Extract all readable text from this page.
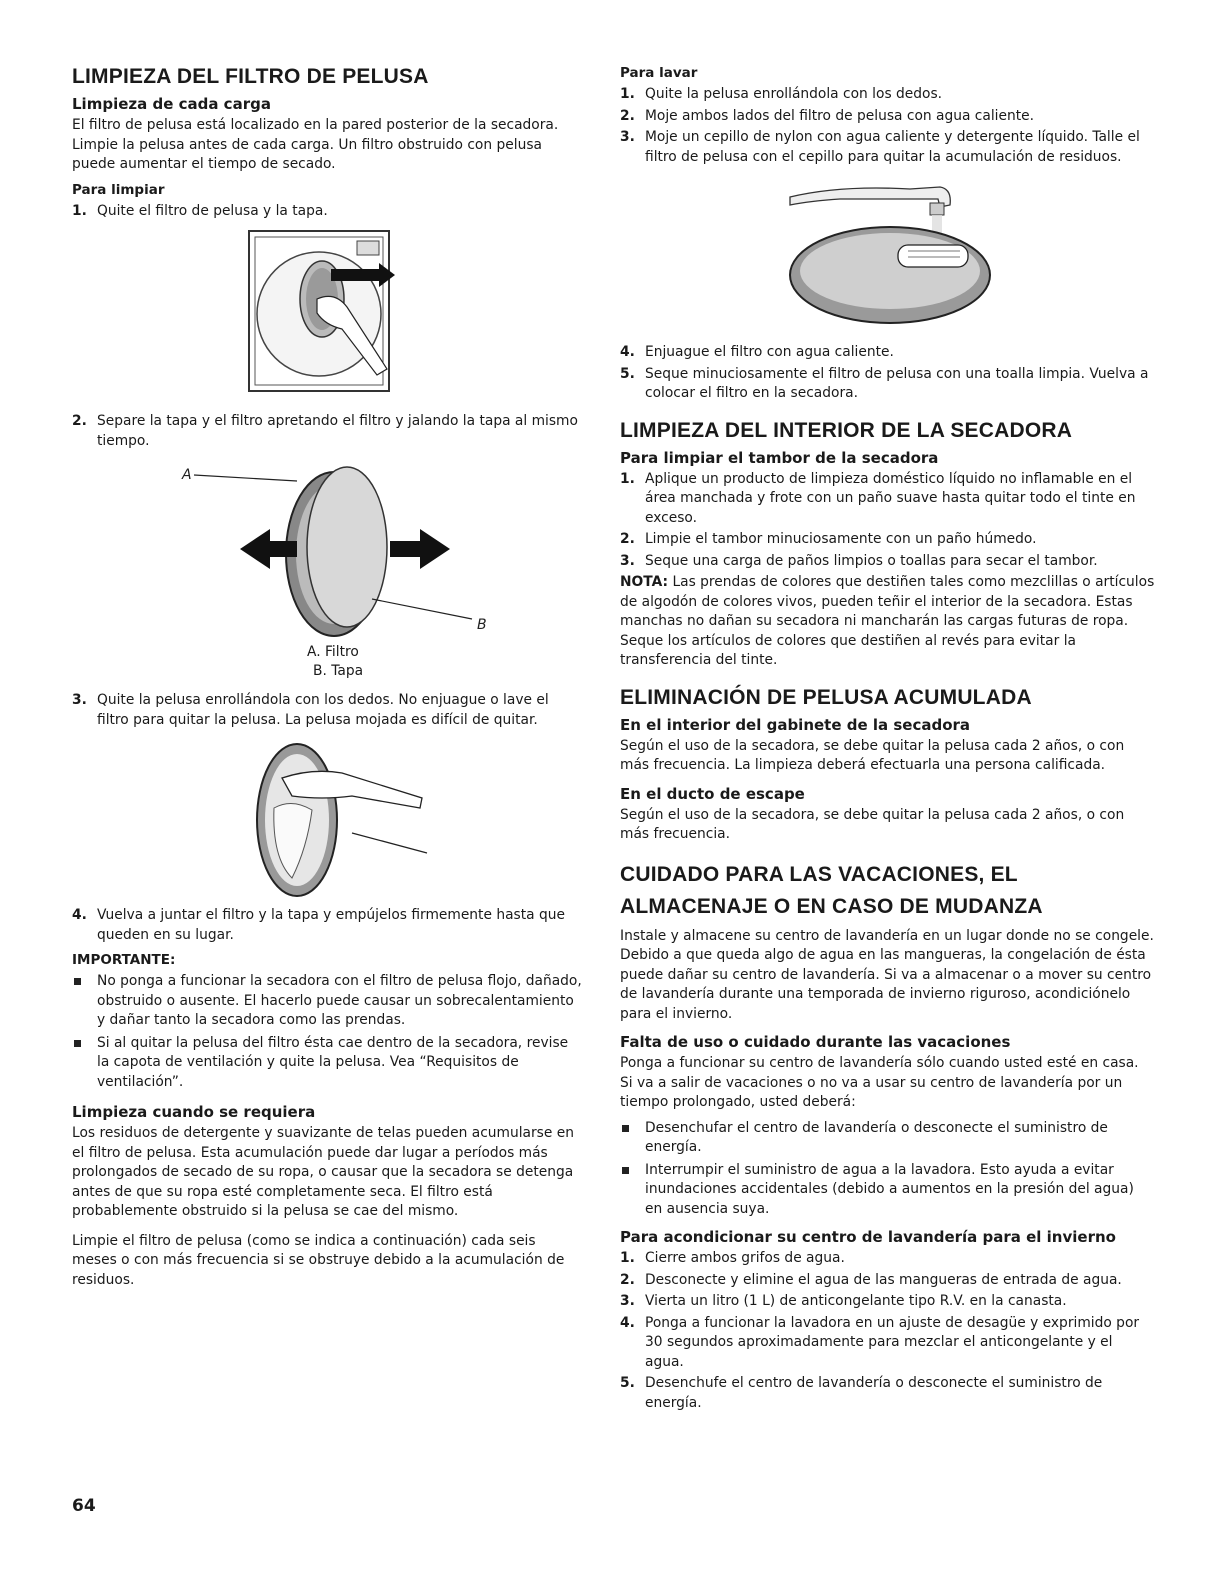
LIMPIEZA DEL FILTRO DE PELUSA
Limpieza de cada carga
El filtro de pelusa está localizado en la pared posterior de la secadora. Limpie la pelusa antes de cada carga. Un filtro obstruido con pelusa puede aumentar el tiempo de secado.
Para limpiar
1. Quite el filtro de pelusa y la tapa.
2. Separe la tapa y el filtro apretando el filtro y jalando la tapa al mismo tiempo.
A
B
A. Filtro
B. Tapa
3. Quite la pelusa enrollándola con los dedos. No enjuague o lave el filtro para quitar la pelusa. La pelusa mojada es difícil de quitar.
4. Vuelva a juntar el filtro y la tapa y empújelos firmemente hasta que queden en su lugar.
IMPORTANTE:
No ponga a funcionar la secadora con el filtro de pelusa flojo, dañado, obstruido o ausente. El hacerlo puede causar un sobrecalentamiento y dañar tanto la secadora como las prendas.
Si al quitar la pelusa del filtro ésta cae dentro de la secadora, revise la capota de ventilación y quite la pelusa. Vea “Requisitos de ventilación”.
Limpieza cuando se requiera
Los residuos de detergente y suavizante de telas pueden acumularse en el filtro de pelusa. Esta acumulación puede dar lugar a períodos más prolongados de secado de su ropa, o causar que la secadora se detenga antes de que su ropa esté completamente seca. El filtro está probablemente obstruido si la pelusa se cae del mismo.
Limpie el filtro de pelusa (como se indica a continuación) cada seis meses o con más frecuencia si se obstruye debido a la acumulación de residuos.
Para lavar
1. Quite la pelusa enrollándola con los dedos.
2. Moje ambos lados del filtro de pelusa con agua caliente.
3. Moje un cepillo de nylon con agua caliente y detergente líquido. Talle el filtro de pelusa con el cepillo para quitar la acumulación de residuos.
4. Enjuague el filtro con agua caliente.
5. Seque minuciosamente el filtro de pelusa con una toalla limpia. Vuelva a colocar el filtro en la secadora.
LIMPIEZA DEL INTERIOR DE LA SECADORA
Para limpiar el tambor de la secadora
1. Aplique un producto de limpieza doméstico líquido no inflamable en el área manchada y frote con un paño suave hasta quitar todo el tinte en exceso.
2. Limpie el tambor minuciosamente con un paño húmedo.
3. Seque una carga de paños limpios o toallas para secar el tambor.
NOTA: Las prendas de colores que destiñen tales como mezclillas o artículos de algodón de colores vivos, pueden teñir el interior de la secadora. Estas manchas no dañan su secadora ni mancharán las cargas futuras de ropa. Seque los artículos de colores que destiñen al revés para evitar la transferencia del tinte.
ELIMINACIÓN DE PELUSA ACUMULADA
En el interior del gabinete de la secadora
Según el uso de la secadora, se debe quitar la pelusa cada 2 años, o con más frecuencia. La limpieza deberá efectuarla una persona calificada.
En el ducto de escape
Según el uso de la secadora, se debe quitar la pelusa cada 2 años, o con más frecuencia.
CUIDADO PARA LAS VACACIONES, EL ALMACENAJE O EN CASO DE MUDANZA
Instale y almacene su centro de lavandería en un lugar donde no se congele. Debido a que queda algo de agua en las mangueras, la congelación de ésta puede dañar su centro de lavandería. Si va a almacenar o a mover su centro de lavandería durante una temporada de invierno riguroso, acondiciónelo para el invierno.
Falta de uso o cuidado durante las vacaciones
Ponga a funcionar su centro de lavandería sólo cuando usted esté en casa. Si va a salir de vacaciones o no va a usar su centro de lavandería por un tiempo prolongado, usted deberá:
Desenchufar el centro de lavandería o desconecte el suministro de energía.
Interrumpir el suministro de agua a la lavadora. Esto ayuda a evitar inundaciones accidentales (debido a aumentos en la presión del agua) en ausencia suya.
Para acondicionar su centro de lavandería para el invierno
1. Cierre ambos grifos de agua.
2. Desconecte y elimine el agua de las mangueras de entrada de agua.
3. Vierta un litro (1 L) de anticongelante tipo R.V. en la canasta.
4. Ponga a funcionar la lavadora en un ajuste de desagüe y exprimido por 30 segundos aproximadamente para mezclar el anticongelante y el agua.
5. Desenchufe el centro de lavandería o desconecte el suministro de energía.
64
